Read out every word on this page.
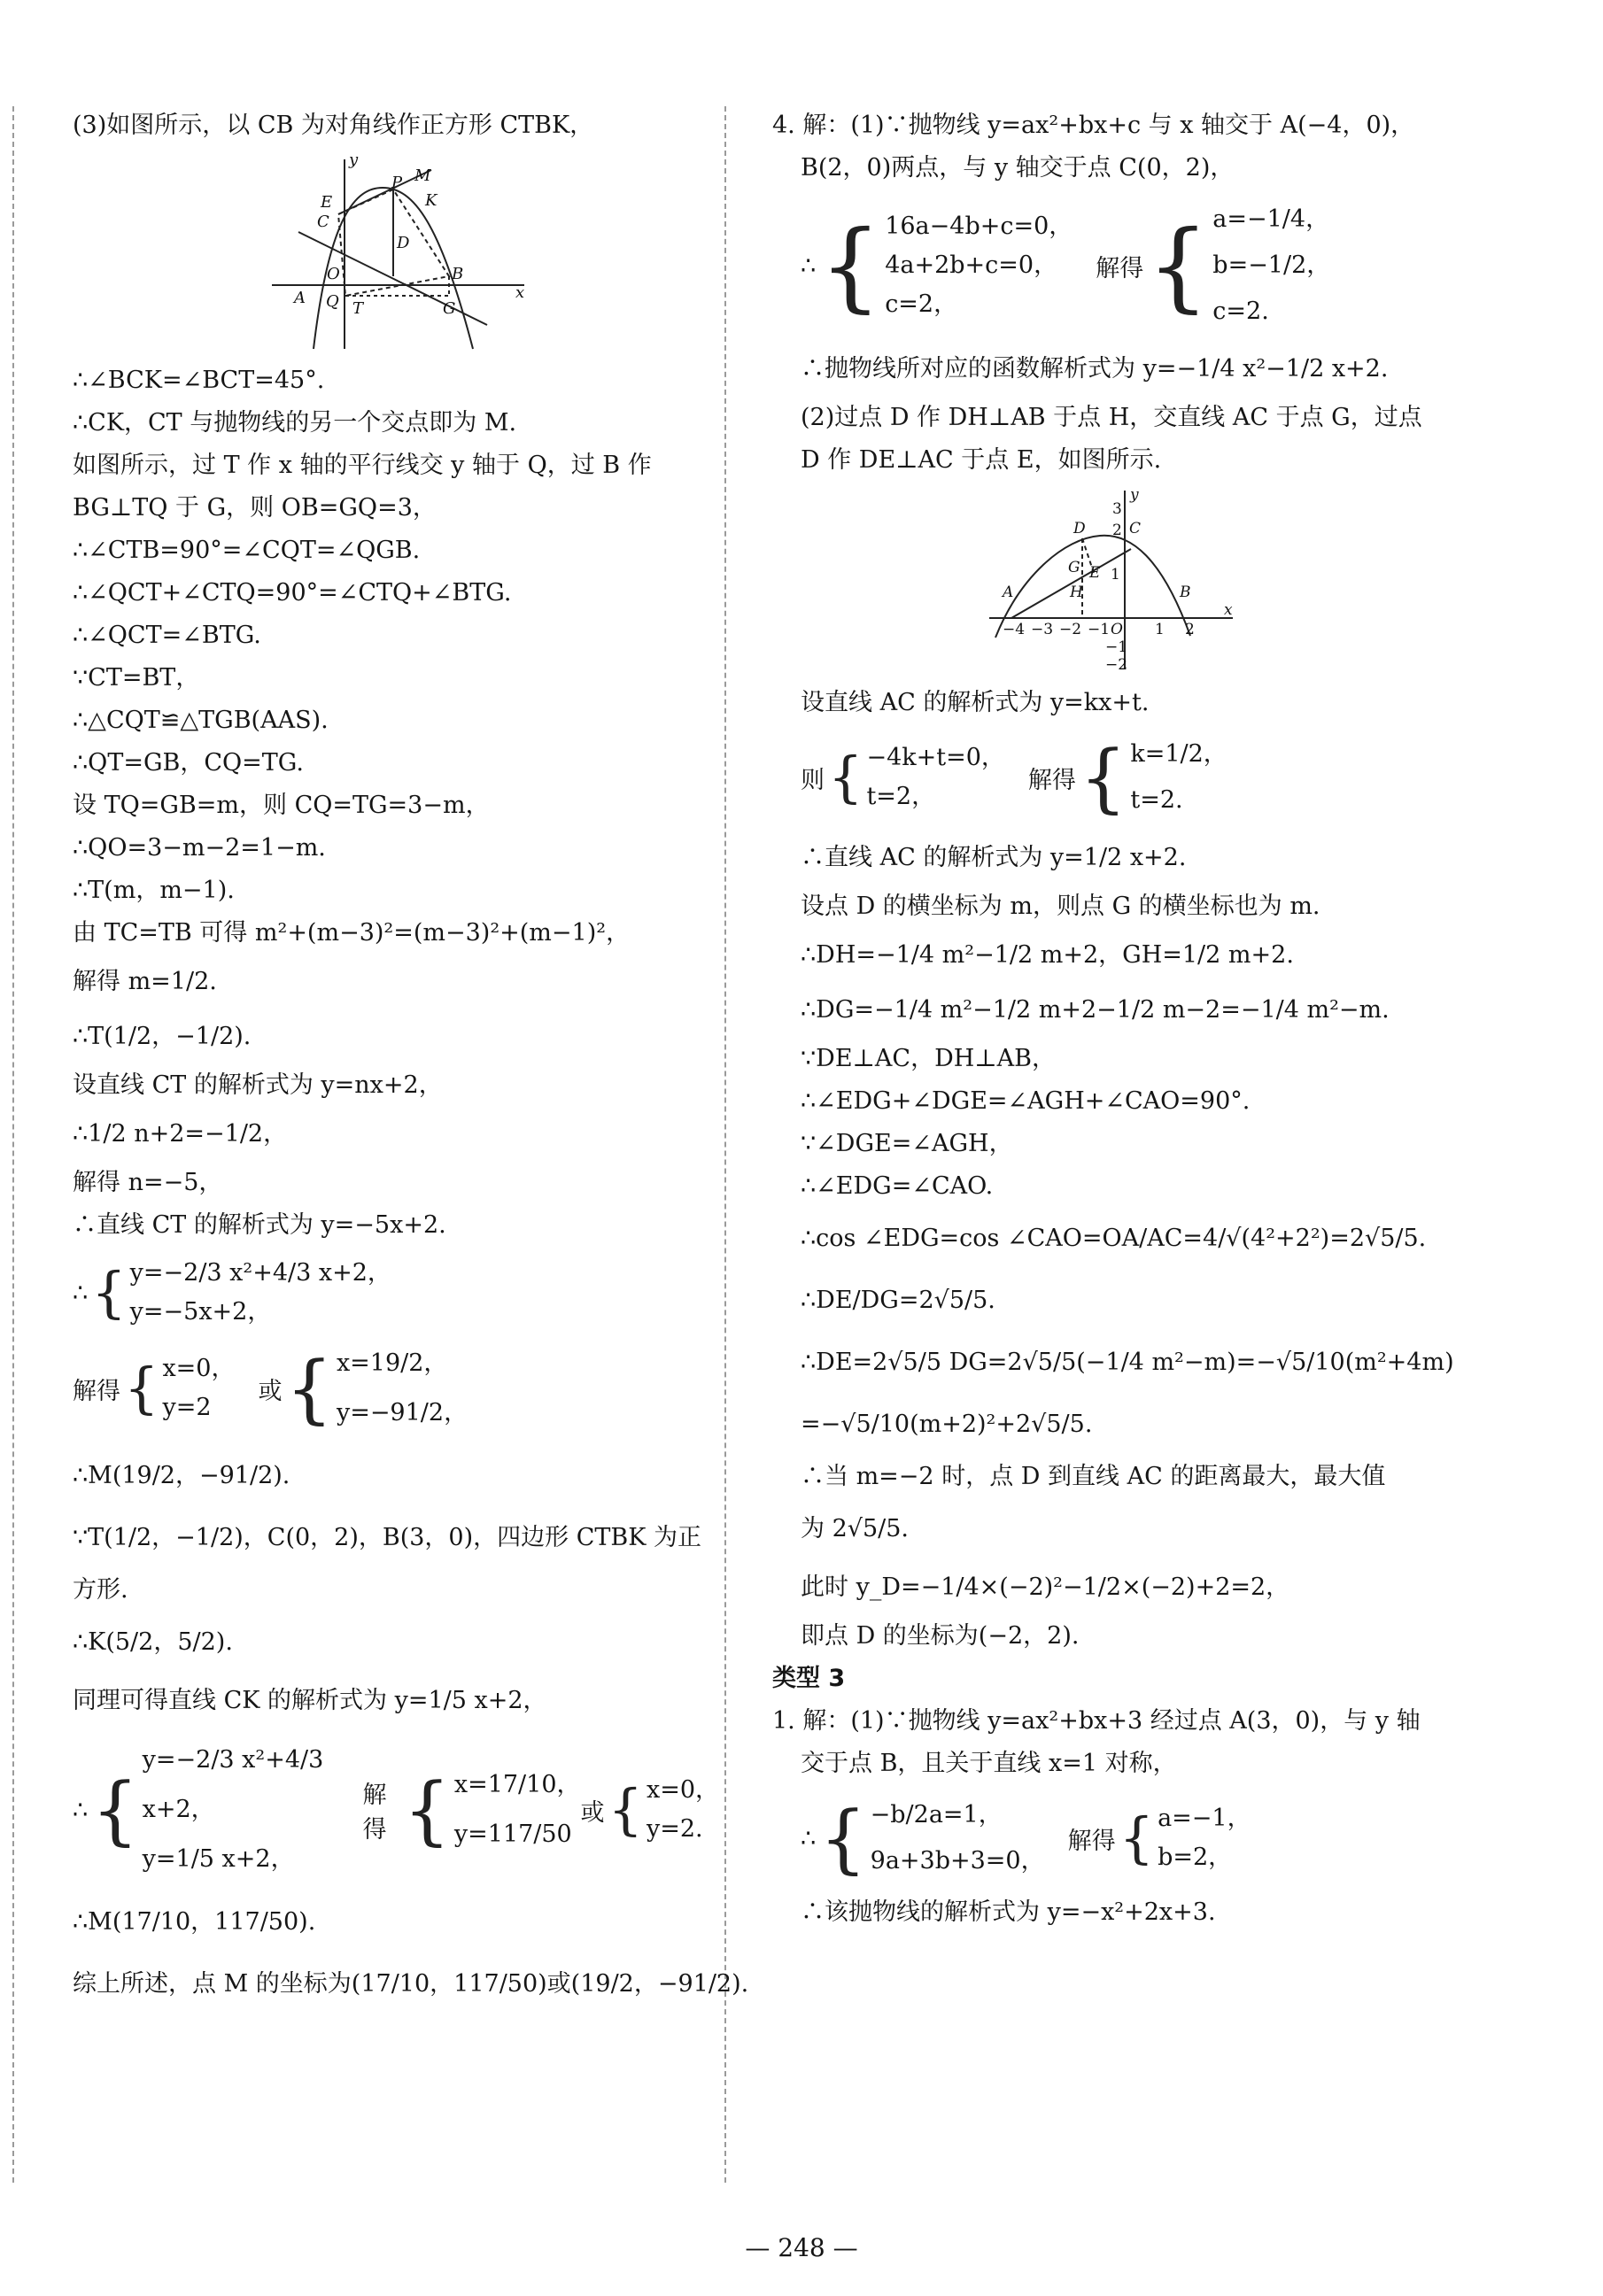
(3)如图所示，以 CB 为对角线作正方形 CTBK，
y
E
P M
K
C
D
O	B
A Q T	G
x
∴∠BCK=∠BCT=45°.
∴CK，CT 与抛物线的另一个交点即为 M.
如图所示，过 T 作 x 轴的平行线交 y 轴于 Q，过 B 作
BG⊥TQ 于 G，则 OB=GQ=3，
∴∠CTB=90°=∠CQT=∠QGB.
∴∠QCT+∠CTQ=90°=∠CTQ+∠BTG.
∴∠QCT=∠BTG.
∵CT=BT，
∴△CQT≌△TGB(AAS).
∴QT=GB，CQ=TG.
设 TQ=GB=m，则 CQ=TG=3−m，
∴QO=3−m−2=1−m.
∴T(m，m−1).
由 TC=TB 可得 m²+(m−3)²=(m−3)²+(m−1)²，
解得 m=1/2.
∴T(1/2，−1/2).
设直线 CT 的解析式为 y=nx+2，
∴1/2 n+2=−1/2，
解得 n=−5，
∴直线 CT 的解析式为 y=−5x+2.
∴ { y=−2/3 x²+4/3 x+2，
y=−5x+2，
解得 { x=0，
y=2
或 { x=19/2，
y=−91/2，
∴M(19/2，−91/2).
∵T(1/2，−1/2)，C(0，2)，B(3，0)，四边形 CTBK 为正
方形.
∴K(5/2，5/2).
同理可得直线 CK 的解析式为 y=1/5 x+2，
∴ {
y=−2/3 x²+4/3 x+2，
y=1/5 x+2，
解得 { x=17/10，
y=117/50
或 { x=0，
y=2.
∴M(17/10，117/50).
综上所述，点 M 的坐标为(17/10，117/50)或(19/2，−91/2).
4. 解：(1)∵抛物线 y=ax²+bx+c 与 x 轴交于 A(−4，0)，
B(2，0)两点，与 y 轴交于点 C(0，2)，
∴ { 16a−4b+c=0，
4a+2b+c=0，
c=2，
解得 { a=−1/4，
b=−1/2，
c=2.
∴抛物线所对应的函数解析式为 y=−1/4 x²−1/2 x+2.
(2)过点 D 作 DH⊥AB 于点 H，交直线 AC 于点 G，过点
D 作 DE⊥AC 于点 E，如图所示.
y
3
2
D	C
G E 1
A	H	B
−4 −3 −2 −1 O 1 2
x
−1
−2
设直线 AC 的解析式为 y=kx+t.
则 { −4k+t=0，
t=2，
解得 { k=1/2，
t=2.
∴直线 AC 的解析式为 y=1/2 x+2.
设点 D 的横坐标为 m，则点 G 的横坐标也为 m.
∴DH=−1/4 m²−1/2 m+2，GH=1/2 m+2.
∴DG=−1/4 m²−1/2 m+2−1/2 m−2=−1/4 m²−m.
∵DE⊥AC，DH⊥AB，
∴∠EDG+∠DGE=∠AGH+∠CAO=90°.
∵∠DGE=∠AGH，
∴∠EDG=∠CAO.
∴cos ∠EDG=cos ∠CAO=OA/AC=4/√(4²+2²)=2√5/5.
∴DE/DG=2√5/5.
∴DE=2√5/5 DG=2√5/5(−1/4 m²−m)=−√5/10(m²+4m)
=−√5/10(m+2)²+2√5/5.
∴当 m=−2 时，点 D 到直线 AC 的距离最大，最大值
为 2√5/5.
此时 y_D=−1/4×(−2)²−1/2×(−2)+2=2，
即点 D 的坐标为(−2，2).
类型 3
1. 解：(1)∵抛物线 y=ax²+bx+3 经过点 A(3，0)，与 y 轴
交于点 B，且关于直线 x=1 对称，
∴ { −b/2a=1，
9a+3b+3=0，
解得 { a=−1，
b=2，
∴该抛物线的解析式为 y=−x²+2x+3.
— 248 —
